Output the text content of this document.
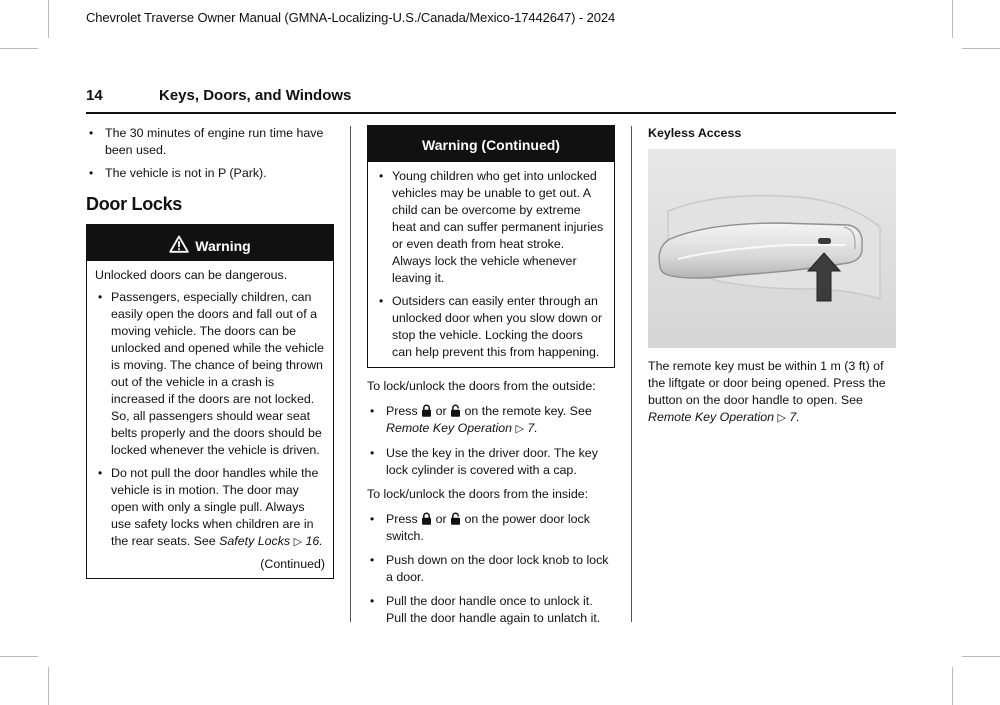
Chevrolet Traverse Owner Manual (GMNA-Localizing-U.S./Canada/Mexico-17442647) - 2024
14	Keys, Doors, and Windows

• The 30 minutes of engine run time have been used.

• The vehicle is not in P (Park).

Door Locks
Warning

Unlocked doors can be dangerous.

• Passengers, especially children, can easily open the doors and fall out of a moving vehicle. The doors can be unlocked and opened while the vehicle is moving. The chance of being thrown out of the vehicle in a crash is increased if the doors are not locked. So, all passengers should wear seat belts properly and the doors should be locked whenever the vehicle is driven.

• Do not pull the door handles while the vehicle is in motion. The door may open with only a single pull. Always use safety locks when children are in the rear seats. See Safety Locks ▷ 16.

(Continued)

Warning (Continued)

• Young children who get into unlocked vehicles may be unable to get out. A child can be overcome by extreme heat and can suffer permanent injuries or even death from heat stroke. Always lock the vehicle whenever leaving it.

• Outsiders can easily enter through an unlocked door when you slow down or stop the vehicle. Locking the doors can help prevent this from happening.

To lock/unlock the doors from the outside:

• Press or on the remote key. See Remote Key Operation ▷ 7.

• Use the key in the driver door. The key lock cylinder is covered with a cap.

To lock/unlock the doors from the inside:

• Press or on the power door lock switch.

• Push down on the door lock knob to lock a door.

• Pull the door handle once to unlock it. Pull the door handle again to unlatch it.

Keyless Access

The remote key must be within 1 m (3 ft) of the liftgate or door being opened. Press the button on the door handle to open. See Remote Key Operation ▷ 7.
